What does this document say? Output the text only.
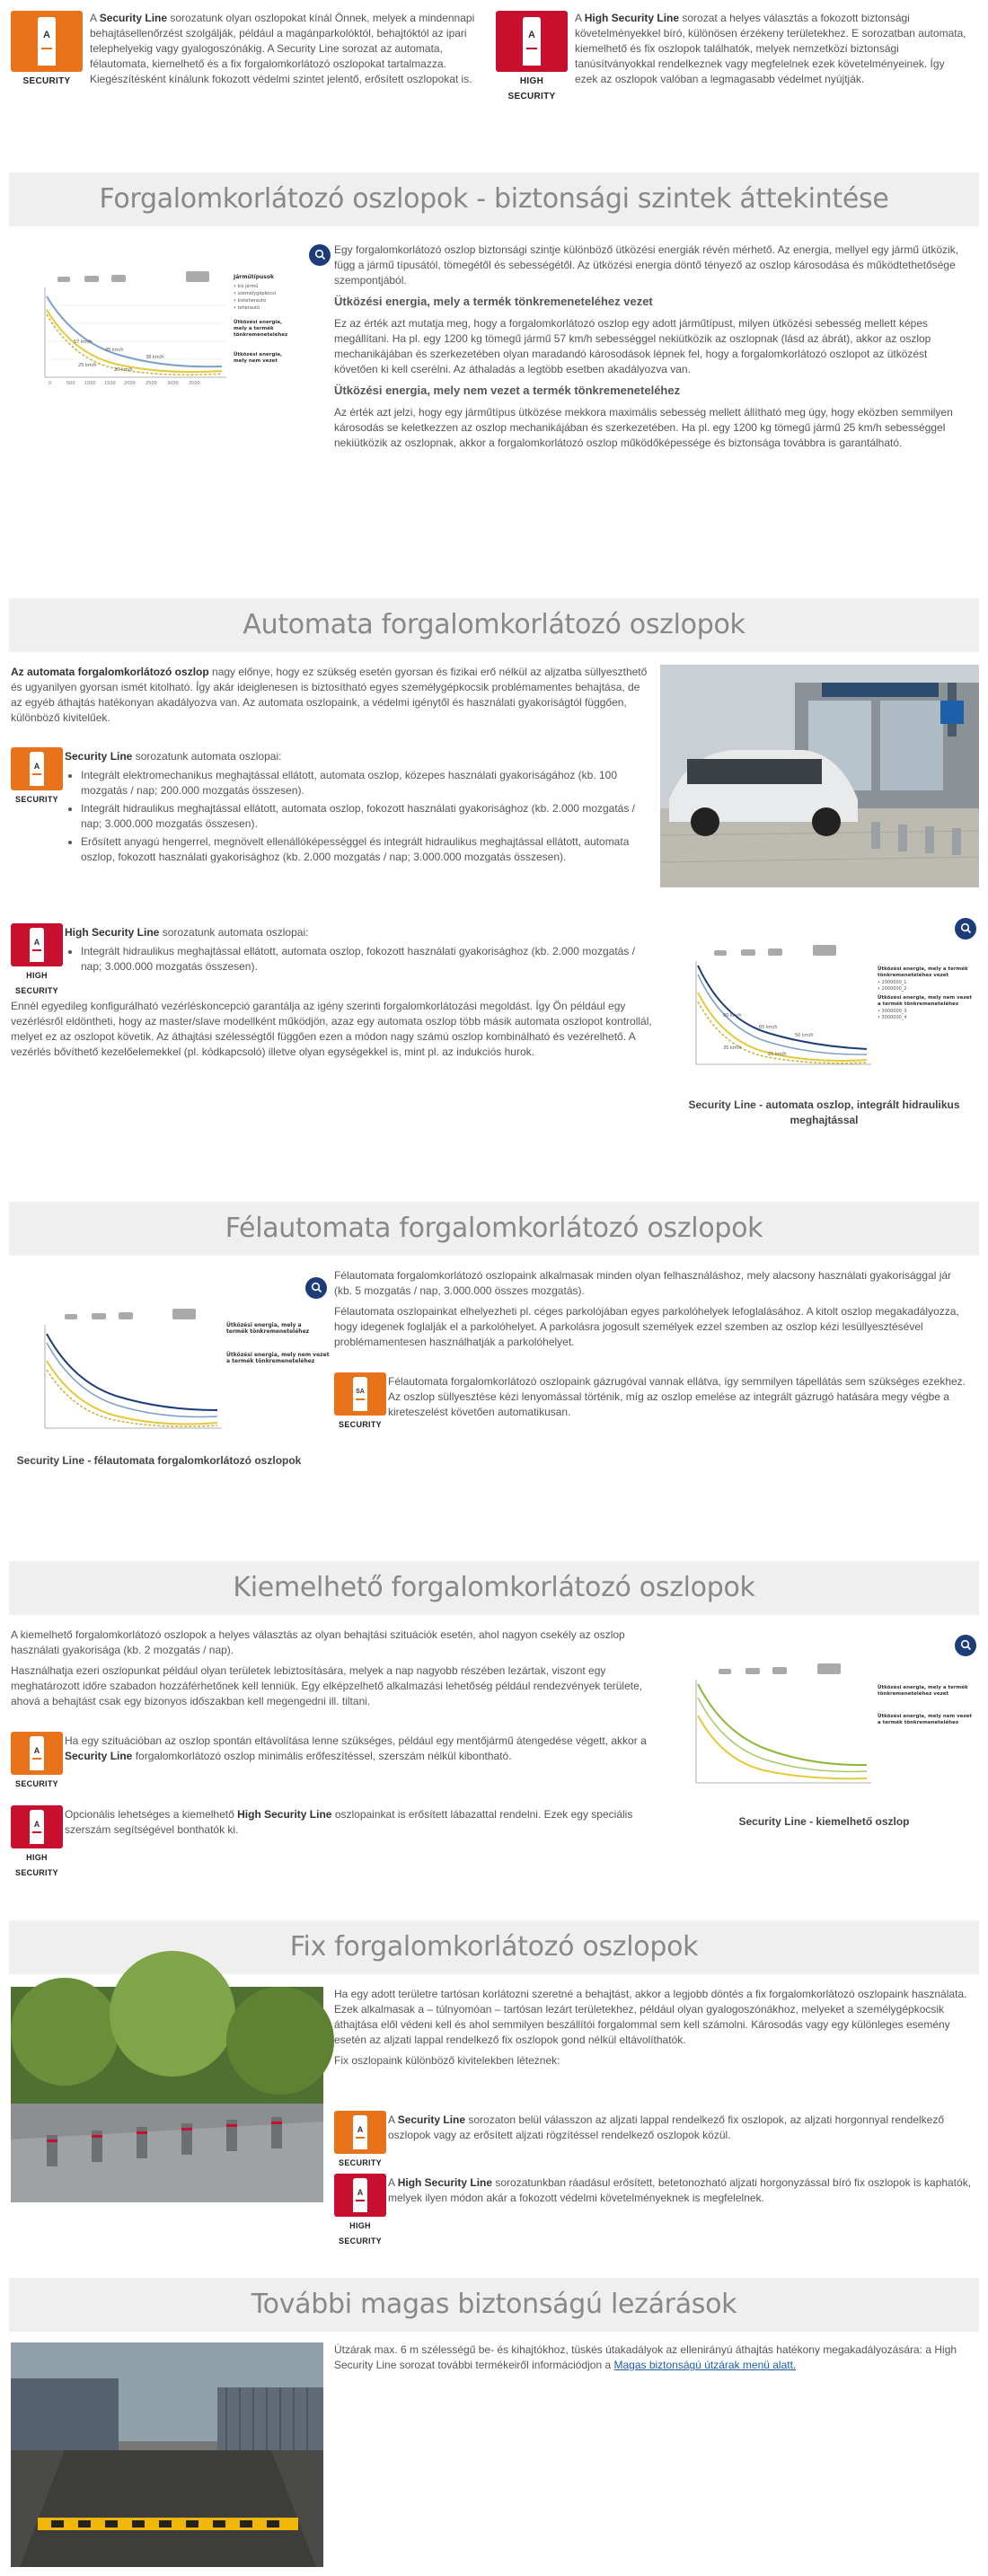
A
SECURITY
A Security Line sorozatunk olyan oszlopokat kínál Önnek, melyek a mindennapi behajtásellenőrzést szolgálják, például a magánparkolóktól, behajtóktól az ipari telephelyekig vagy gyalogoszónákig. A Security Line sorozat az automata, félautomata, kiemelhető és a fix forgalomkorlátozó oszlopokat tartalmazza. Kiegészítésként kínálunk fokozott védelmi szintet jelentő, erősített oszlopokat is.
A
HIGH SECURITY
A High Security Line sorozat a helyes választás a fokozott biztonsági követelményekkel bíró, különösen érzékeny területekhez. E sorozatban automata, kiemelhető és fix oszlopok találhatók, melyek nemzetközi biztonsági tanúsítványokkal rendelkeznek vagy megfelelnek ezek követelményeinek. Így ezek az oszlopok valóban a legmagasabb védelmet nyújtják.
Forgalomkorlátozó oszlopok - biztonsági szintek áttekintése
57 km/h
45 km/h
38 km/h
25 km/h
20 km/h
0	500 1000 1500 2000 2500 3000 3500
Járműtípusok
• kis jármű
• személygépkocsi
• kisteherautó
• teherautó
Ütközési energia,
mely a termék
tönkremeneteléhez
Ütközési energia,
mely nem vezet

Egy forgalomkorlátozó oszlop biztonsági szintje különböző ütközési energiák révén mérhető. Az energia, mellyel egy jármű ütközik, függ a jármű típusától, tömegétől és sebességétől. Az ütközési energia döntő tényező az oszlop károsodása és működtethetősége szempontjából.

Ütközési energia, mely a termék tönkremeneteléhez vezet

Ez az érték azt mutatja meg, hogy a forgalomkorlátozó oszlop egy adott járműtípust, milyen ütközési sebesség mellett képes megállítani. Ha pl. egy 1200 kg tömegű jármű 57 km/h sebességgel nekiütközik az oszlopnak (lásd az ábrát), akkor az oszlop mechanikájában és szerkezetében olyan maradandó károsodások lépnek fel, hogy a forgalomkorlátozó oszlopot az ütközést követően ki kell cserélni. Az áthaladás a legtöbb esetben akadályozva van.

Ütközési energia, mely nem vezet a termék tönkremeneteléhez

Az érték azt jelzi, hogy egy járműtípus ütközése mekkora maximális sebesség mellett állítható meg úgy, hogy eközben semmilyen károsodás se keletkezzen az oszlop mechanikájában és szerkezetében. Ha pl. egy 1200 kg tömegű jármű 25 km/h sebességgel nekiütközik az oszlopnak, akkor a forgalomkorlátozó oszlop működőképessége és biztonsága továbbra is garantálható.

Automata forgalomkorlátozó oszlopok
Az automata forgalomkorlátozó oszlop nagy előnye, hogy ez szükség esetén gyorsan és fizikai erő nélkül az aljzatba süllyeszthető és ugyanilyen gyorsan ismét kitolható. Így akár ideiglenesen is biztosítható egyes személygépkocsik problémamentes behajtása, de az egyéb áthajtás hatékonyan akadályozva van. Az automata oszlopaink, a védelmi igénytől és használati gyakoriságtól függően, különböző kivitelűek.
A
SECURITY
Security Line sorozatunk automata oszlopai:
• Integrált elektromechanikus meghajtással ellátott, automata oszlop, közepes használati gyakoriságához (kb. 100 mozgatás / nap; 200.000 mozgatás összesen).
• Integrált hidraulikus meghajtással ellátott, automata oszlop, fokozott használati gyakorisághoz (kb. 2.000 mozgatás / nap; 3.000.000 mozgatás összesen).
• Erősített anyagú hengerrel, megnövelt ellenállóképességgel és integrált hidraulikus meghajtással ellátott, automata oszlop, fokozott használati gyakorisághoz (kb. 2.000 mozgatás / nap; 3.000.000 mozgatás összesen).
A
HIGH SECURITY
High Security Line sorozatunk automata oszlopai:
• Integrált hidraulikus meghajtással ellátott, automata oszlop, fokozott használati gyakorisághoz (kb. 2.000 mozgatás / nap; 3.000.000 mozgatás összesen).
Ennél egyedileg konfigurálható vezérléskoncepció garantálja az igény szerinti forgalomkorlátozási megoldást. Így Ön például egy vezérlésről eldöntheti, hogy az master/slave modellként működjön, azaz egy automata oszlop több másik automata oszlopot kontrollál, melyet ez az oszlopot követik. Az áthajtási szélességtől függően ezen a módon nagy számú oszlop kombinálható és vezérelhető. A vezérlés bővíthető kezelőelemekkel (pl. kódkapcsoló) illetve olyan egységekkel is, mint pl. az indukciós hurok.
80 km/h
65 km/h
50 km/h
35 km/h
25 km/h
Ütközési energia, mely a termék
tönkremeneteléhez vezet
Ütközési energia, mely nem vezet
a termék tönkremeneteléhez
• 2000000_1
• 2000000_2
• 3000000_3
• 3000000_4
Security Line - automata oszlop, integrált hidraulikus meghajtással
Félautomata forgalomkorlátozó oszlopok
Ütközési energia, mely a
termék tönkremeneteléhez
Ütközési energia, mely nem vezet
a termék tönkremeneteléhez
Security Line - félautomata forgalomkorlátozó oszlopok

Félautomata forgalomkorlátozó oszlopaink alkalmasak minden olyan felhasználáshoz, mely alacsony használati gyakorisággal jár (kb. 5 mozgatás / nap, 3.000.000 összes mozgatás).

Félautomata oszlopainkat elhelyezheti pl. céges parkolójában egyes parkolóhelyek lefoglalásához. A kitolt oszlop megakadályozza, hogy idegenek foglalják el a parkolóhelyet. A parkolásra jogosult személyek ezzel szemben az oszlop kézi lesüllyesztésével problémamentesen használhatják a parkolóhelyet.

SA
SECURITY
Félautomata forgalomkorlátozó oszlopaink gázrugóval vannak ellátva, így semmilyen tápellátás sem szükséges ezekhez. Az oszlop süllyesztése kézi lenyomással történik, míg az oszlop emelése az integrált gázrugó hatására megy végbe a kireteszelést követően automatikusan.
Kiemelhető forgalomkorlátozó oszlopok

A kiemelhető forgalomkorlátozó oszlopok a helyes választás az olyan behajtási szituációk esetén, ahol nagyon csekély az oszlop használati gyakorisága (kb. 2 mozgatás / nap).

Használhatja ezeri oszlopunkat például olyan területek lebiztosítására, melyek a nap nagyobb részében lezártak, viszont egy meghatározott időre szabadon hozzáférhetőnek kell lenniük. Egy elképzelhető alkalmazási lehetőség például rendezvények területe, ahová a behajtást csak egy bizonyos időszakban kell megengedni ill. tiltani.

A
SECURITY
Ha egy szituációban az oszlop spontán eltávolítása lenne szükséges, például egy mentőjármű átengedése végett, akkor a Security Line forgalomkorlátozó oszlop minimális erőfeszítéssel, szerszám nélkül kibontható.
A
HIGH SECURITY
Opcionális lehetséges a kiemelhető High Security Line oszlopainkat is erősített lábazattal rendelni. Ezek egy speciális szerszám segítségével bonthatók ki.
Ütközési energia, mely a termék
tönkremeneteléhez vezet
Ütközési energia, mely nem vezet
a termék tönkremeneteléhez
Security Line - kiemelhető oszlop
Fix forgalomkorlátozó oszlopok

Ha egy adott területre tartósan korlátozni szeretné a behajtást, akkor a legjobb döntés a fix forgalomkorlátozó oszlopaink használata. Ezek alkalmasak a – túlnyomóan – tartósan lezárt területekhez, például olyan gyalogoszónákhoz, melyeket a személygépkocsik áthajtása elől védeni kell és ahol semmilyen beszállítói forgalommal sem kell számolni. Károsodás vagy egy különleges esemény esetén az aljzati lappal rendelkező fix oszlopok gond nélkül eltávolíthatók.

Fix oszlopaink különböző kivitelekben léteznek:

A
SECURITY
A Security Line sorozaton belül válasszon az aljzati lappal rendelkező fix oszlopok, az aljzati horgonnyal rendelkező oszlopok vagy az erősített aljzati rögzítéssel rendelkező oszlopok közül.
A
HIGH SECURITY
A High Security Line sorozatunkban ráadásul erősített, betetonozható aljzati horgonyzással bíró fix oszlopok is kaphatók, melyek ilyen módon akár a fokozott védelmi követelményeknek is megfelelnek.
További magas biztonságú lezárások
Útzárak max. 6 m szélességű be- és kihajtókhoz, tüskés útakadályok az ellenirányú áthajtás hatékony megakadályozására: a High Security Line sorozat további termékeiről információdjon a Magas biztonságú útzárak menü alatt.
